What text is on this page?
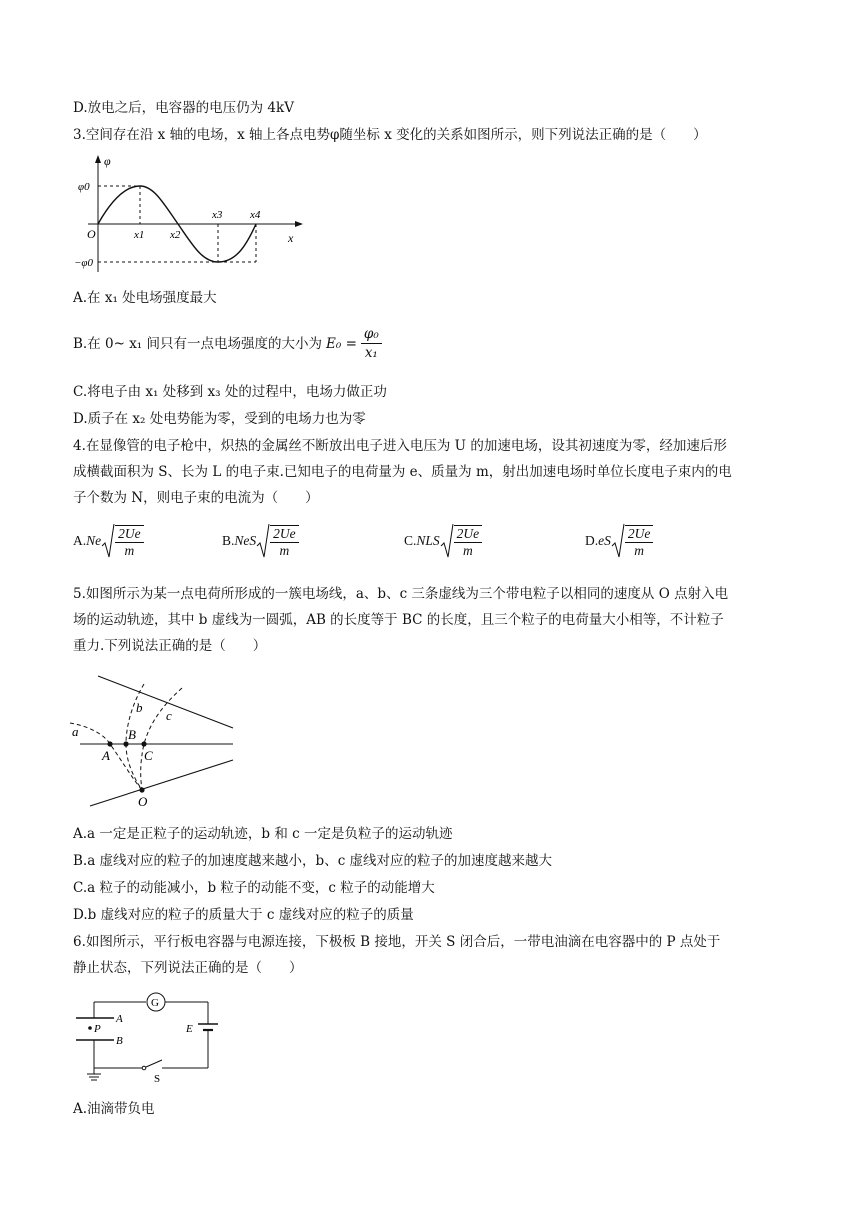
D.放电之后，电容器的电压仍为 4kV
3.空间存在沿 x 轴的电场，x 轴上各点电势φ随坐标 x 变化的关系如图所示，则下列说法正确的是（　　）
φ
φ0
−φ0
O	x
x1 x2
x3	x4
A.在 x₁ 处电场强度最大
B.在 0~ x₁ 间只有一点电场强度的大小为 $E_0 = \frac{\text{φ₀}}{\text{x₁}}$
C.将电子由 x₁ 处移到 x₃ 处的过程中，电场力做正功
D.质子在 x₂ 处电势能为零，受到的电场力也为零
4.在显像管的电子枪中，炽热的金属丝不断放出电子进入电压为 U 的加速电场，设其初速度为零，经加速后形
成横截面积为 S、长为 L 的电子束.已知电子的电荷量为 e、质量为 m，射出加速电场时单位长度电子束内的电
子个数为 N，则电子束的电流为（　　）
A. Ne $\frac{2Ue}{m}$	B. NeS $\frac{2Ue}{m}$	C. NLS $\frac{2Ue}{m}$	D. eS $\frac{2Ue}{m}$
5.如图所示为某一点电荷所形成的一簇电场线，a、b、c 三条虚线为三个带电粒子以相同的速度从 O 点射入电
场的运动轨迹，其中 b 虚线为一圆弧，AB 的长度等于 BC 的长度，且三个粒子的电荷量大小相等，不计粒子
重力.下列说法正确的是（　　）
a
b
c
A
B
C
O
A.a 一定是正粒子的运动轨迹，b 和 c 一定是负粒子的运动轨迹
B.a 虚线对应的粒子的加速度越来越小，b、c 虚线对应的粒子的加速度越来越大
C.a 粒子的动能减小，b 粒子的动能不变，c 粒子的动能增大
D.b 虚线对应的粒子的质量大于 c 虚线对应的粒子的质量
6.如图所示，平行板电容器与电源连接，下极板 B 接地，开关 S 闭合后，一带电油滴在电容器中的 P 点处于
静止状态，下列说法正确的是（　　）
G
A
P
B
S
E
A.油滴带负电
